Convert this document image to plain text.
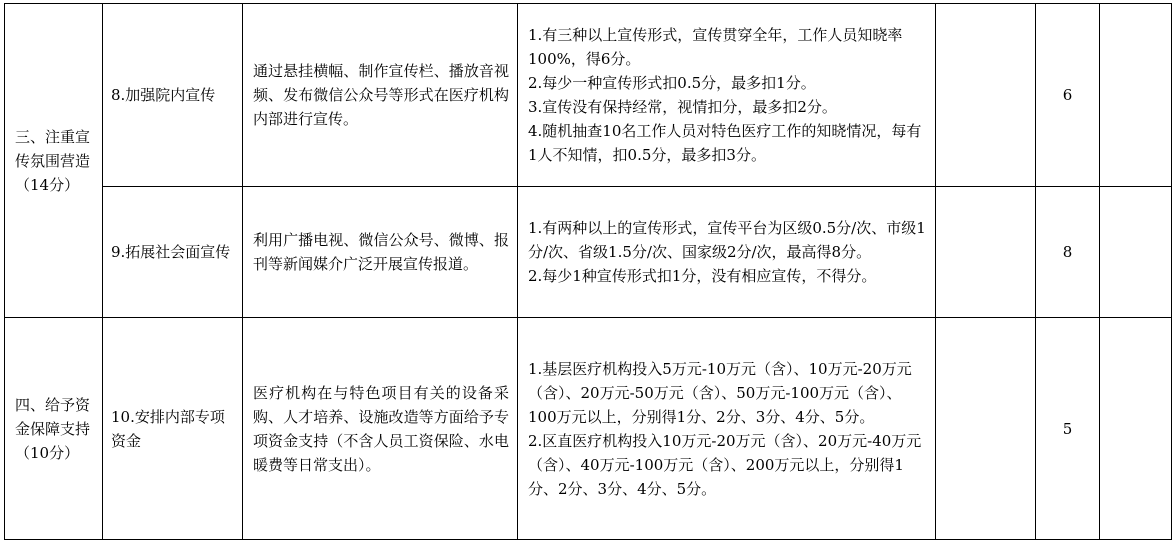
三、注重宣传氛围营造（14分）	8.加强院内宣传	通过悬挂横幅、制作宣传栏、播放音视频、发布微信公众号等形式在医疗机构内部进行宣传。	1.有三种以上宣传形式，宣传贯穿全年，工作人员知晓率100%，得6分。
2.每少一种宣传形式扣0.5分，最多扣1分。
3.宣传没有保持经常，视情扣分，最多扣2分。
4.随机抽查10名工作人员对特色医疗工作的知晓情况，每有1人不知情，扣0.5分，最多扣3分。		6	
	9.拓展社会面宣传	利用广播电视、微信公众号、微博、报刊等新闻媒介广泛开展宣传报道。	1.有两种以上的宣传形式，宣传平台为区级0.5分/次、市级1分/次、省级1.5分/次、国家级2分/次，最高得8分。
2.每少1种宣传形式扣1分，没有相应宣传，不得分。		8	
四、给予资金保障支持（10分）	10.安排内部专项资金	医疗机构在与特色项目有关的设备采购、人才培养、设施改造等方面给予专项资金支持（不含人员工资保险、水电暖费等日常支出）。	1.基层医疗机构投入5万元-10万元（含）、10万元-20万元（含）、20万元-50万元（含）、50万元-100万元（含）、100万元以上，分别得1分、2分、3分、4分、5分。
2.区直医疗机构投入10万元-20万元（含）、20万元-40万元（含）、40万元-100万元（含）、200万元以上，分别得1分、2分、3分、4分、5分。		5	
